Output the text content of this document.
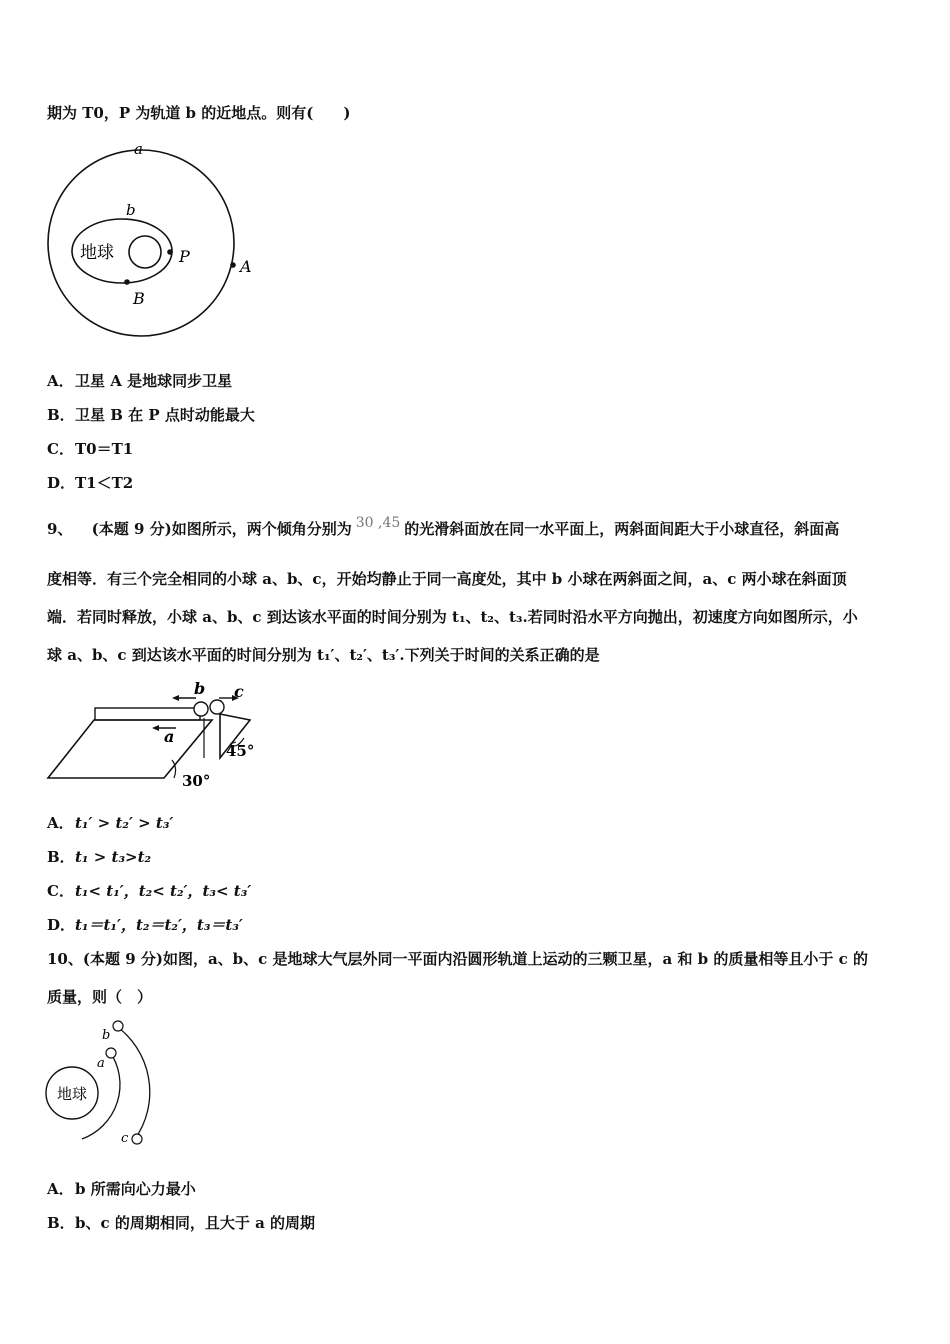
期为 T0，P 为轨道 b 的近地点。则有(　　)
a
b
地球	P
A
B
A．卫星 A 是地球同步卫星
B．卫星 B 在 P 点时动能最大
C．T0＝T1
D．T1＜T2
9、 (本题 9 分)如图所示，两个倾角分别为 30 ,45 的光滑斜面放在同一水平面上，两斜面间距大于小球直径，斜面高
度相等．有三个完全相同的小球 a、b、c，开始均静止于同一高度处，其中 b 小球在两斜面之间，a、c 两小球在斜面顶
端．若同时释放，小球 a、b、c 到达该水平面的时间分别为 t₁、t₂、t₃.若同时沿水平方向抛出，初速度方向如图所示，小
球 a、b、c 到达该水平面的时间分别为 t₁′、t₂′、t₃′.下列关于时间的关系正确的是
b c
a
45°
30°
A．t₁′ > t₂′ > t₃′
B．t₁ > t₃>t₂
C．t₁< t₁′，t₂< t₂′，t₃< t₃′
D．t₁＝t₁′，t₂＝t₂′，t₃＝t₃′
10、(本题 9 分)如图，a、b、c 是地球大气层外同一平面内沿圆形轨道上运动的三颗卫星，a 和 b 的质量相等且小于 c 的
质量，则（　）
地球
a
b
c
A．b 所需向心力最小
B．b、c 的周期相同，且大于 a 的周期
